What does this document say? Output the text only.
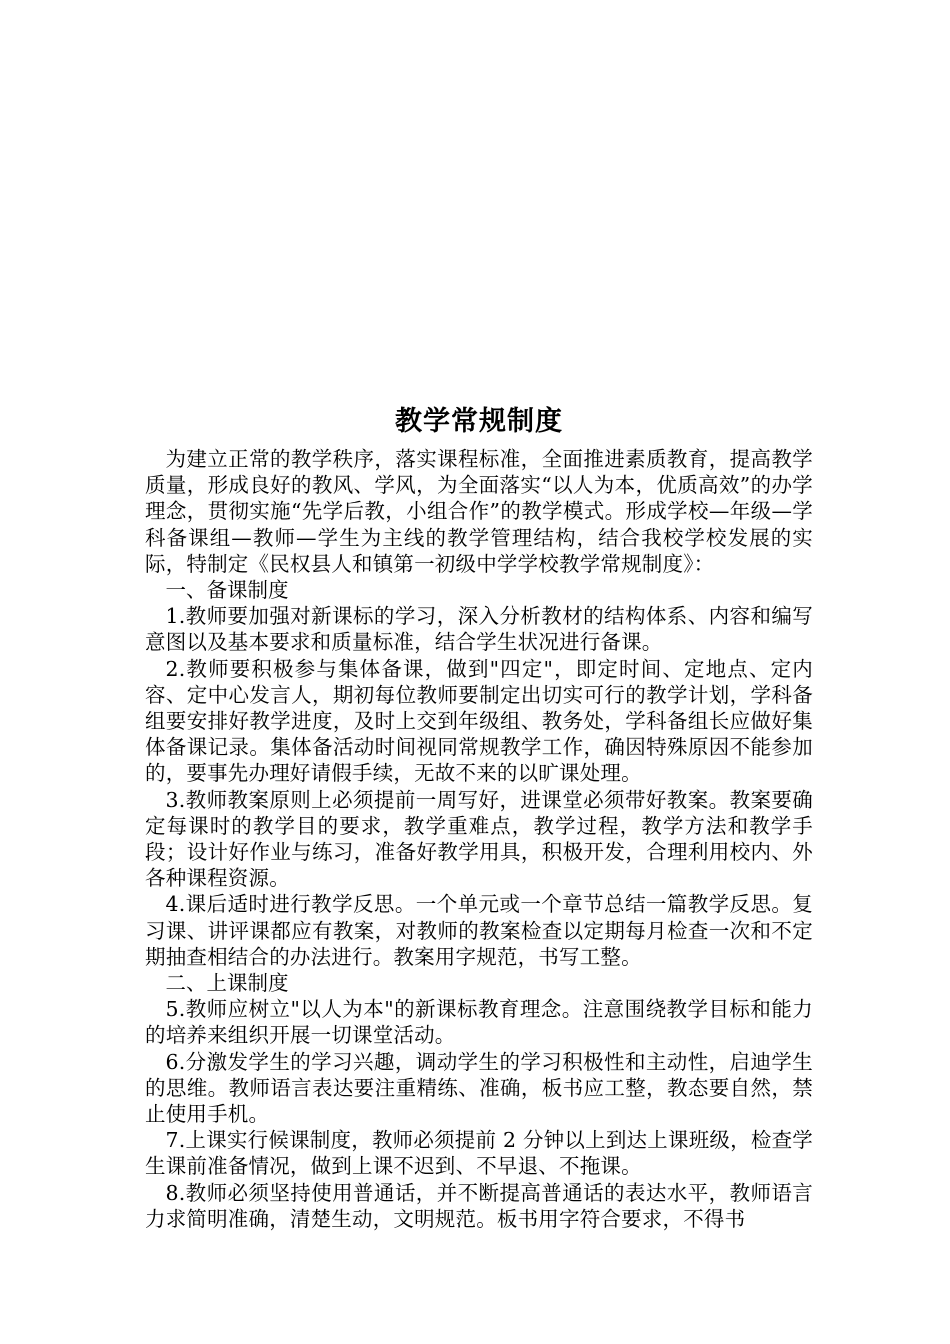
教学常规制度

为建立正常的教学秩序，落实课程标准，全面推进素质教育，提高教学质量，形成良好的教风、学风，为全面落实“以人为本，优质高效”的办学理念，贯彻实施“先学后教，小组合作”的教学模式。形成学校—年级—学科备课组—教师—学生为主线的教学管理结构，结合我校学校发展的实际，特制定《民权县人和镇第一初级中学学校教学常规制度》：

一、备课制度

1.教师要加强对新课标的学习，深入分析教材的结构体系、内容和编写意图以及基本要求和质量标准，结合学生状况进行备课。

2.教师要积极参与集体备课，做到"四定"，即定时间、定地点、定内容、定中心发言人，期初每位教师要制定出切实可行的教学计划，学科备组要安排好教学进度，及时上交到年级组、教务处，学科备组长应做好集体备课记录。集体备活动时间视同常规教学工作，确因特殊原因不能参加的，要事先办理好请假手续，无故不来的以旷课处理。

3.教师教案原则上必须提前一周写好，进课堂必须带好教案。教案要确定每课时的教学目的要求，教学重难点，教学过程，教学方法和教学手段；设计好作业与练习，准备好教学用具，积极开发，合理利用校内、外各种课程资源。

4.课后适时进行教学反思。一个单元或一个章节总结一篇教学反思。复习课、讲评课都应有教案，对教师的教案检查以定期每月检查一次和不定期抽查相结合的办法进行。教案用字规范，书写工整。

二、上课制度

5.教师应树立"以人为本"的新课标教育理念。注意围绕教学目标和能力的培养来组织开展一切课堂活动。

6.分激发学生的学习兴趣，调动学生的学习积极性和主动性，启迪学生的思维。教师语言表达要注重精练、准确，板书应工整，教态要自然，禁止使用手机。

7.上课实行候课制度，教师必须提前 2 分钟以上到达上课班级，检查学生课前准备情况，做到上课不迟到、不早退、不拖课。

8.教师必须坚持使用普通话，并不断提高普通话的表达水平，教师语言力求简明准确，清楚生动，文明规范。板书用字符合要求，不得书
